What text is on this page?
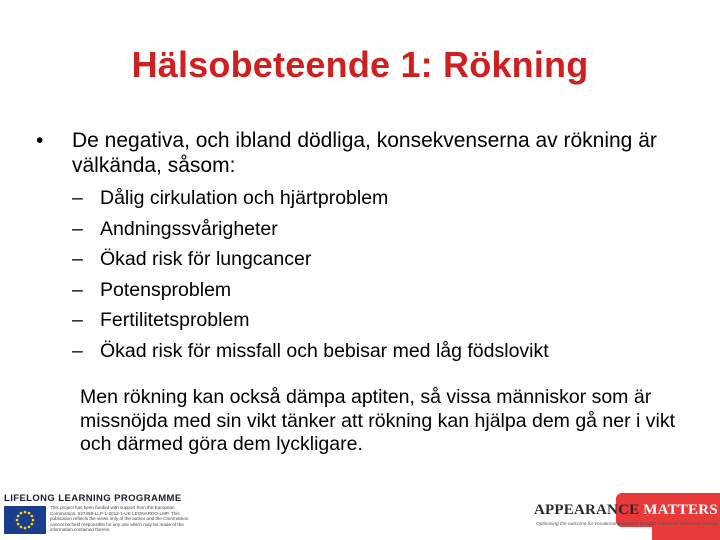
Hälsobeteende 1: Rökning
•	De negativa, och ibland dödliga, konsekvenserna av rökning är välkända, såsom:
– Dålig cirkulation och hjärtproblem
– Andningssvårigheter
– Ökad risk för lungcancer
– Potensproblem
– Fertilitetsproblem
– Ökad risk för missfall och bebisar med låg födslovikt
Men rökning kan också dämpa aptiten, så vissa människor som är missnöjda med sin vikt tänker att rökning kan hjälpa dem gå ner i vikt och därmed göra dem lyckligare.
LIFELONG LEARNING PROGRAMME
This project has been funded with support from the European Commission. 527458-LLP-1-2012-1-UK-LEONARDO-LMP. This publication reflects the views only of the author and the Commission cannot be held responsible for any use which may be made of the information contained therein.
APPEARANCE MATTERS
Optimising the outcome for vocational education through enhanced behaviour change
